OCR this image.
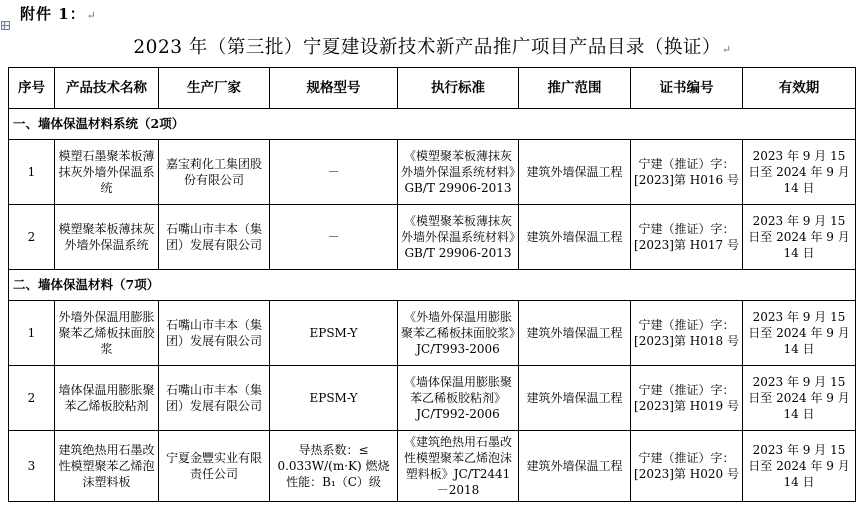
附件 1：↵

2023 年（第三批）宁夏建设新技术新产品推广项目产品目录（换证）↵
序号	产品技术名称	生产厂家	规格型号	执行标准	推广范围	证书编号	有效期
一、墙体保温材料系统（2项）							
1	模塑石墨聚苯板薄抹灰外墙外保温系统	嘉宝莉化工集团股份有限公司	－	《模塑聚苯板薄抹灰外墙外保温系统材料》GB/T 29906-2013	建筑外墙保温工程	宁建（推证）字：[2023]第 H016 号	2023 年 9 月 15 日至 2024 年 9 月 14 日
2	模塑聚苯板薄抹灰外墙外保温系统	石嘴山市丰本（集团）发展有限公司	－	《模塑聚苯板薄抹灰外墙外保温系统材料》GB/T 29906-2013	建筑外墙保温工程	宁建（推证）字：[2023]第 H017 号	2023 年 9 月 15 日至 2024 年 9 月 14 日
二、墙体保温材料（7项）							
1	外墙外保温用膨胀聚苯乙烯板抹面胶浆	石嘴山市丰本（集团）发展有限公司	EPSM-Y	《外墙外保温用膨胀聚苯乙稀板抹面胶浆》JC/T993-2006	建筑外墙保温工程	宁建（推证）字：[2023]第 H018 号	2023 年 9 月 15 日至 2024 年 9 月 14 日
2	墙体保温用膨胀聚苯乙烯板胶粘剂	石嘴山市丰本（集团）发展有限公司	EPSM-Y	《墙体保温用膨胀聚苯乙稀板胶粘剂》JC/T992-2006	建筑外墙保温工程	宁建（推证）字：[2023]第 H019 号	2023 年 9 月 15 日至 2024 年 9 月 14 日
3	建筑绝热用石墨改性模塑聚苯乙烯泡沫塑料板	宁夏金豐实业有限责任公司	导热系数：≤ 0.033W/(m·K) 燃烧性能：B₁（C）级	《建筑绝热用石墨改性模塑聚苯乙烯泡沫塑料板》JC/T2441－2018	建筑外墙保温工程	宁建（推证）字：[2023]第 H020 号	2023 年 9 月 15 日至 2024 年 9 月 14 日
